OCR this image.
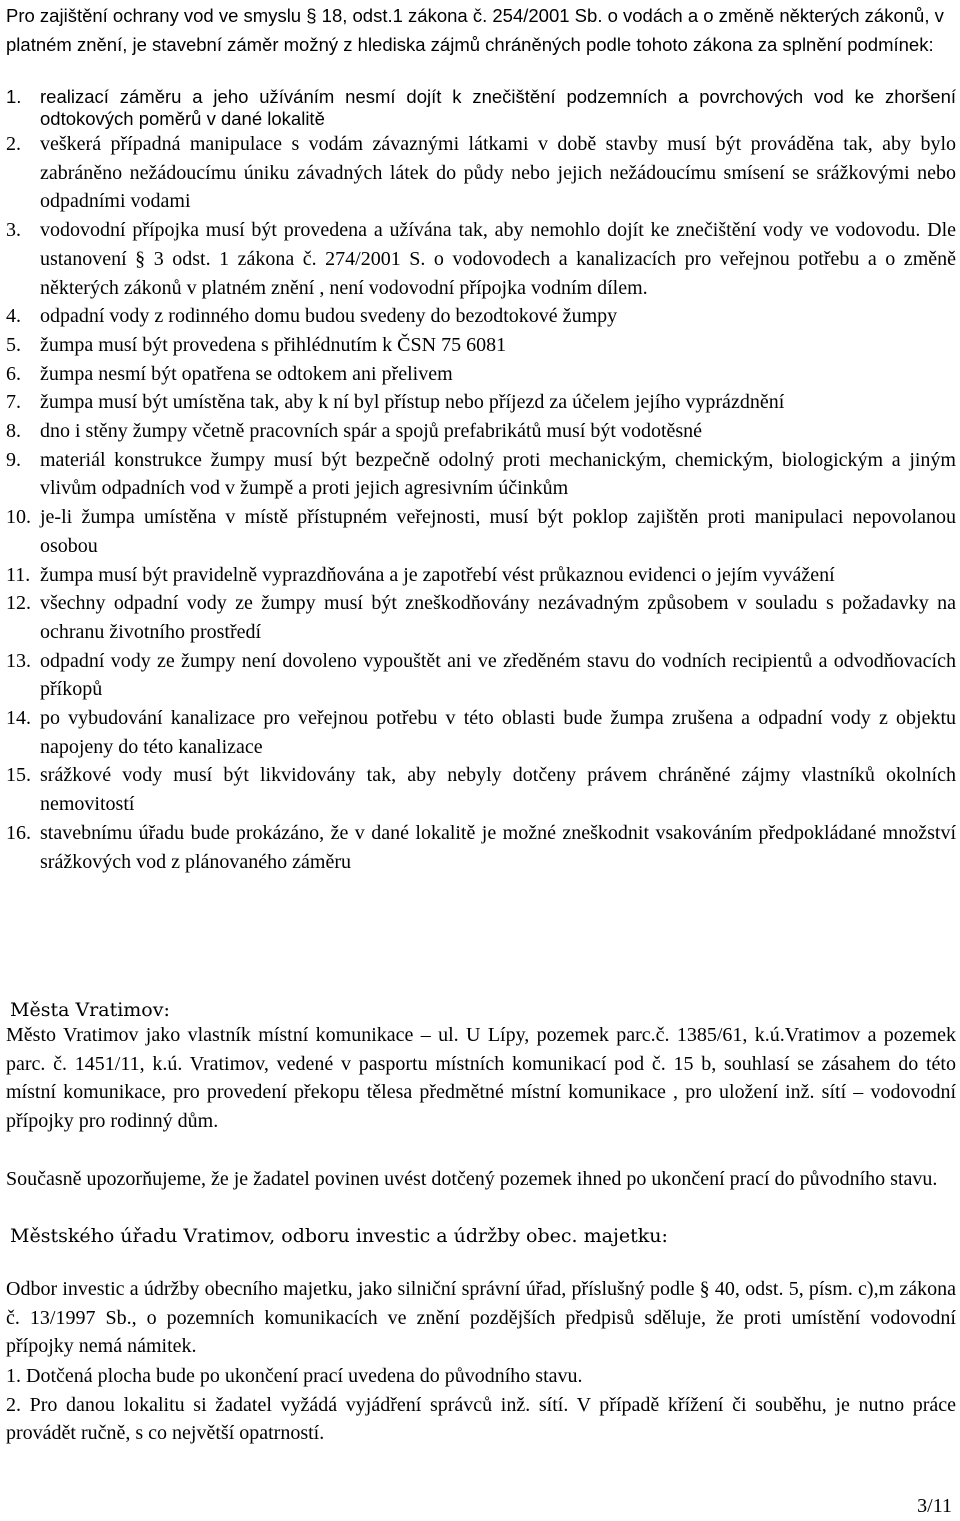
Pro zajištění ochrany vod ve smyslu § 18, odst.1 zákona č. 254/2001 Sb. o vodách a o změně některých zákonů, v platném znění, je stavební záměr možný z hlediska zájmů chráněných podle tohoto zákona za splnění podmínek:
1.	realizací záměru a jeho užíváním nesmí dojít k znečištění podzemních a povrchových vod ke zhoršení odtokových poměrů v dané lokalitě
2. veškerá případná manipulace s vodám závaznými látkami v době stavby musí být prováděna tak, aby bylo zabráněno nežádoucímu úniku závadných látek do půdy nebo jejich nežádoucímu smísení se srážkovými nebo odpadními vodami
3. vodovodní přípojka musí být provedena a užívána tak, aby nemohlo dojít ke znečištění vody ve vodovodu. Dle ustanovení § 3 odst. 1 zákona č. 274/2001 S. o vodovodech a kanalizacích pro veřejnou potřebu a o změně některých zákonů v platném znění , není vodovodní přípojka vodním dílem.
4. odpadní vody z rodinného domu budou svedeny do bezodtokové žumpy
5. žumpa musí být provedena s přihlédnutím k ČSN 75 6081
6. žumpa nesmí být opatřena se odtokem ani přelivem
7. žumpa musí být umístěna tak, aby k ní byl přístup nebo příjezd za účelem jejího vyprázdnění
8. dno i stěny žumpy včetně pracovních spár a spojů prefabrikátů musí být vodotěsné
9. materiál konstrukce žumpy musí být bezpečně odolný proti mechanickým, chemickým, biologickým a jiným vlivům odpadních vod v žumpě a proti jejich agresivním účinkům
10. je-li žumpa umístěna v místě přístupném veřejnosti, musí být poklop zajištěn proti manipulaci nepovolanou osobou
11. žumpa musí být pravidelně vyprazdňována a je zapotřebí vést průkaznou evidenci o jejím vyvážení
12. všechny odpadní vody ze žumpy musí být zneškodňovány nezávadným způsobem v souladu s požadavky na ochranu životního prostředí
13. odpadní vody ze žumpy není dovoleno vypouštět ani ve zředěném stavu do vodních recipientů a odvodňovacích příkopů
14. po vybudování kanalizace pro veřejnou potřebu v této oblasti bude žumpa zrušena a odpadní vody z objektu napojeny do této kanalizace
15. srážkové vody musí být likvidovány tak, aby nebyly dotčeny právem chráněné zájmy vlastníků okolních nemovitostí
16. stavebnímu úřadu bude prokázáno, že v dané lokalitě je možné zneškodnit vsakováním předpokládané množství srážkových vod z plánovaného záměru
Města Vratimov:
Město Vratimov jako vlastník místní komunikace – ul. U Lípy, pozemek parc.č. 1385/61, k.ú.Vratimov a pozemek parc. č. 1451/11, k.ú. Vratimov, vedené v pasportu místních komunikací pod č. 15 b, souhlasí se zásahem do této místní komunikace, pro provedení překopu tělesa předmětné místní komunikace , pro uložení inž. sítí – vodovodní přípojky pro rodinný dům.
Současně upozorňujeme, že je žadatel povinen uvést dotčený pozemek ihned po ukončení prací do původního stavu.
Městského úřadu Vratimov, odboru investic a údržby obec. majetku:
Odbor investic a údržby obecního majetku, jako silniční správní úřad, příslušný podle § 40, odst. 5, písm. c),m zákona č. 13/1997 Sb., o pozemních komunikacích ve znění pozdějších předpisů sděluje, že proti umístění vodovodní přípojky nemá námitek.
1. Dotčená plocha bude po ukončení prací uvedena do původního stavu.
2. Pro danou lokalitu si žadatel vyžádá vyjádření správců inž. sítí. V případě křížení či souběhu, je nutno práce provádět ručně, s co největší opatrností.
3/11
